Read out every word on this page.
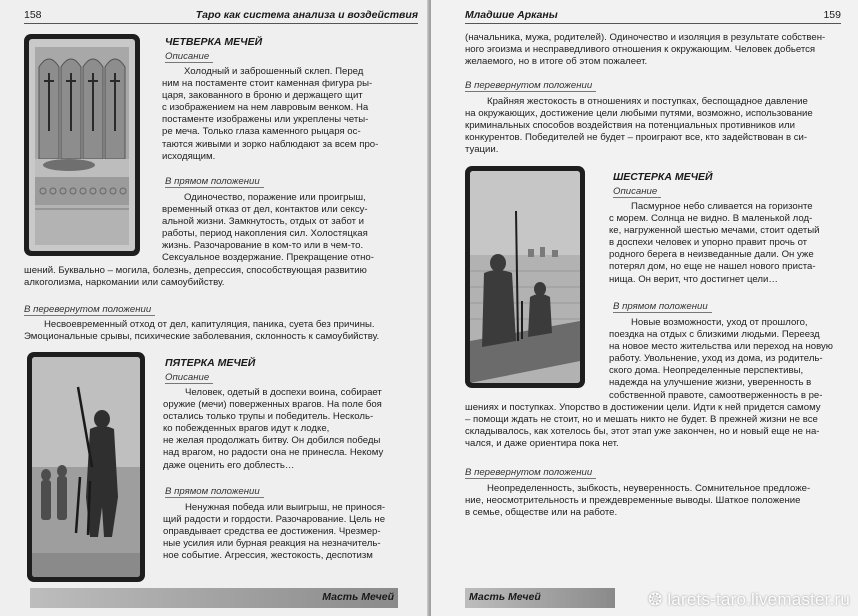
158	Таро как система анализа и воздействия
ЧЕТВЕРКА МЕЧЕЙ
Описание
Холодный и заброшенный склеп. Перед
ним на постаменте стоит каменная фигура ры-
царя, закованного в броню и держащего щит
с изображением на нем лавровым венком. На
постаменте изображены или укреплены четы-
ре меча. Только глаза каменного рыцаря ос-
таются живыми и зорко наблюдают за всем про-
исходящим.
В прямом положении
Одиночество, поражение или проигрыш,
временный отказ от дел, контактов или сексу-
альной жизни. Замкнутость, отдых от забот и
работы, период накопления сил. Холостяцкая
жизнь. Разочарование в ком-то или в чем-то.
Сексуальное воздержание. Прекращение отно-
шений. Буквально – могила, болезнь, депрессия, способствующая развитию
алкоголизма, наркомании или самоубийству.
В перевернутом положении
Несвоевременный отход от дел, капитуляция, паника, суета без причины.
Эмоциональные срывы, психические заболевания, склонность к самоубийству.
ПЯТЕРКА МЕЧЕЙ
Описание
Человек, одетый в доспехи воина, собирает
оружие (мечи) поверженных врагов. На поле боя
остались только трупы и победитель. Несколь-
ко побежденных врагов идут к лодке,
не желая продолжать битву. Он добился победы
над врагом, но радости она не принесла. Некому
даже оценить его доблесть…
В прямом положении
Ненужная победа или выигрыш, не принося-
щий радости и гордости. Разочарование. Цель не
оправдывает средства ее достижения. Чрезмер-
ные усилия или бурная реакция на незначитель-
ное событие. Агрессия, жестокость, деспотизм
Масть Мечей
Младшие Арканы	159
(начальника, мужа, родителей). Одиночество и изоляция в результате собствен-
ного эгоизма и несправедливого отношения к окружающим. Человек добьется
желаемого, но в итоге об этом пожалеет.
В перевернутом положении
Крайняя жестокость в отношениях и поступках, беспощадное давление
на окружающих, достижение цели любыми путями, возможно, использование
криминальных способов воздействия на потенциальных противников или
конкурентов. Победителей не будет – проиграют все, кто задействован в си-
туации.
ШЕСТЕРКА МЕЧЕЙ
Описание
Пасмурное небо сливается на горизонте
с морем. Солнца не видно. В маленькой лод-
ке, нагруженной шестью мечами, стоит одетый
в доспехи человек и упорно правит прочь от
родного берега в неизведанные дали. Он уже
потерял дом, но еще не нашел нового приста-
нища. Он верит, что достигнет цели…
В прямом положении
Новые возможности, уход от прошлого,
поездка на отдых с близкими людьми. Переезд
на новое место жительства или переход на новую
работу. Увольнение, уход из дома, из родитель-
ского дома. Неопределенные перспективы,
надежда на улучшение жизни, уверенность в
собственной правоте, самоотверженность в ре-
шениях и поступках. Упорство в достижении цели. Идти к ней придется самому
– помощи ждать не стоит, но и мешать никто не будет. В прежней жизни не все
складывалось, как хотелось бы, этот этап уже закончен, но и новый еще не на-
чался, и даже ориентира пока нет.
В перевернутом положении
Неопределенность, зыбкость, неуверенность. Сомнительное предложе-
ние, неосмотрительность и преждевременные выводы. Шаткое положение
в семье, обществе или на работе.
Масть Мечей	❂ larets-taro.livemaster.ru
